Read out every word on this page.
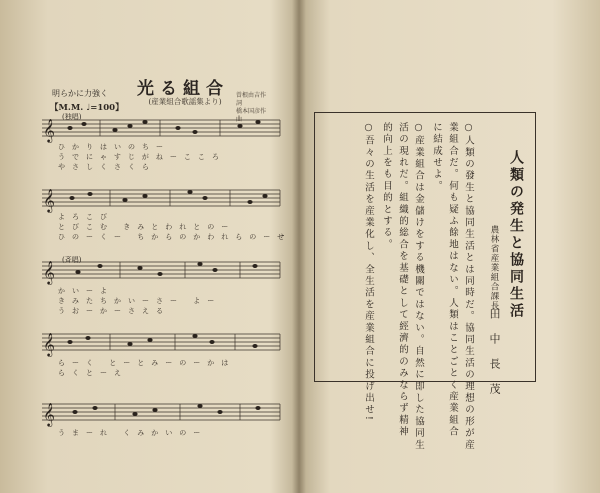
光る組合
(産業組合歌謡集より)
明らかに力強く
【M.M. ♩=100】
曽根由吉作詞
橋本国彦作曲
𝄞
𝄞
𝄞
𝄞
𝄞
(独唱)
(斉唱)
ひかりはいのちー
うでにゃすじがねーこころ
やさしくさくら
よろこび
とびこむ きみとわれとのー
ひのーくー ちからのかわれらのーせ
かいーよ
きみたちかいーさー よー
うおーかーさえる
らーく とーとみーのーかは
らくとーえ
うまーれ くみかいのー
人類の発生と協同生活
農林省産業組合課長
田中長茂
○人類の發生と協同生活とは同時だ。協同生活の理想の形が産
業組合だ。何も疑ふ餘地はない。人類はことごとく産業組合
に結成せよ。
○産業組合は金儲けをする機關ではない。自然に即した協同生
活の現れだ。組織的総合を基礎として經濟的のみならず精神
的向上をも目的とする。
○吾々の生活を産業化し、全生活を産業組合に投げ出せ!
